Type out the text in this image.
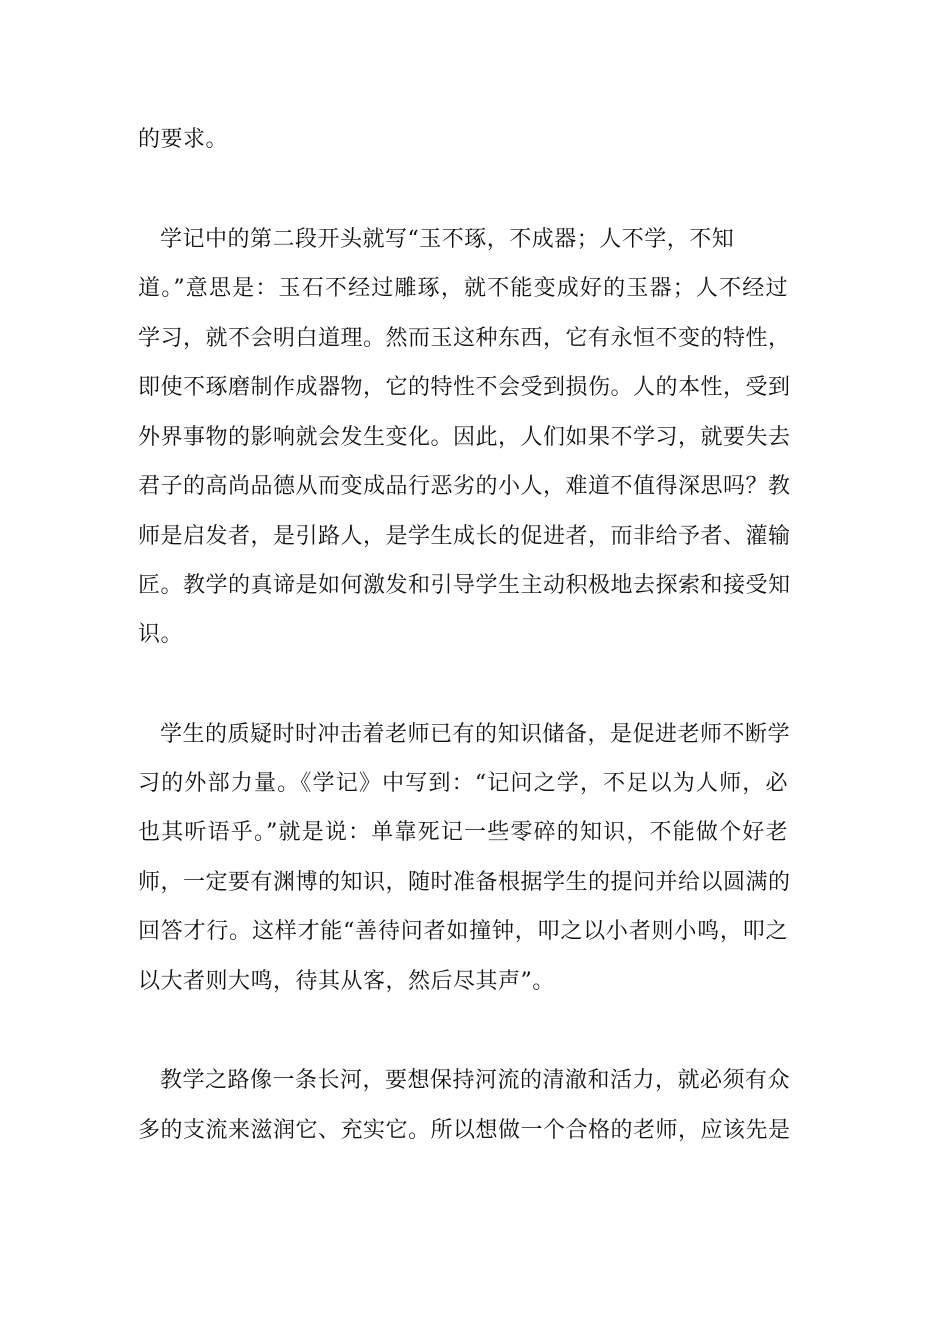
的要求。
学记中的第二段开头就写“玉不琢，不成器；人不学，不知
道。”意思是：玉石不经过雕琢，就不能变成好的玉器；人不经过
学习，就不会明白道理。然而玉这种东西，它有永恒不变的特性，
即使不琢磨制作成器物，它的特性不会受到损伤。人的本性，受到
外界事物的影响就会发生变化。因此，人们如果不学习，就要失去
君子的高尚品德从而变成品行恶劣的小人，难道不值得深思吗？教
师是启发者，是引路人，是学生成长的促进者，而非给予者、灌输
匠。教学的真谛是如何激发和引导学生主动积极地去探索和接受知
识。
学生的质疑时时冲击着老师已有的知识储备，是促进老师不断学
习的外部力量。《学记》中写到：“记问之学，不足以为人师，必
也其听语乎。”就是说：单靠死记一些零碎的知识，不能做个好老
师，一定要有渊博的知识，随时准备根据学生的提问并给以圆满的
回答才行。这样才能“善待问者如撞钟，叩之以小者则小鸣，叩之
以大者则大鸣，待其从客，然后尽其声”。
教学之路像一条长河，要想保持河流的清澈和活力，就必须有众
多的支流来滋润它、充实它。所以想做一个合格的老师，应该先是
